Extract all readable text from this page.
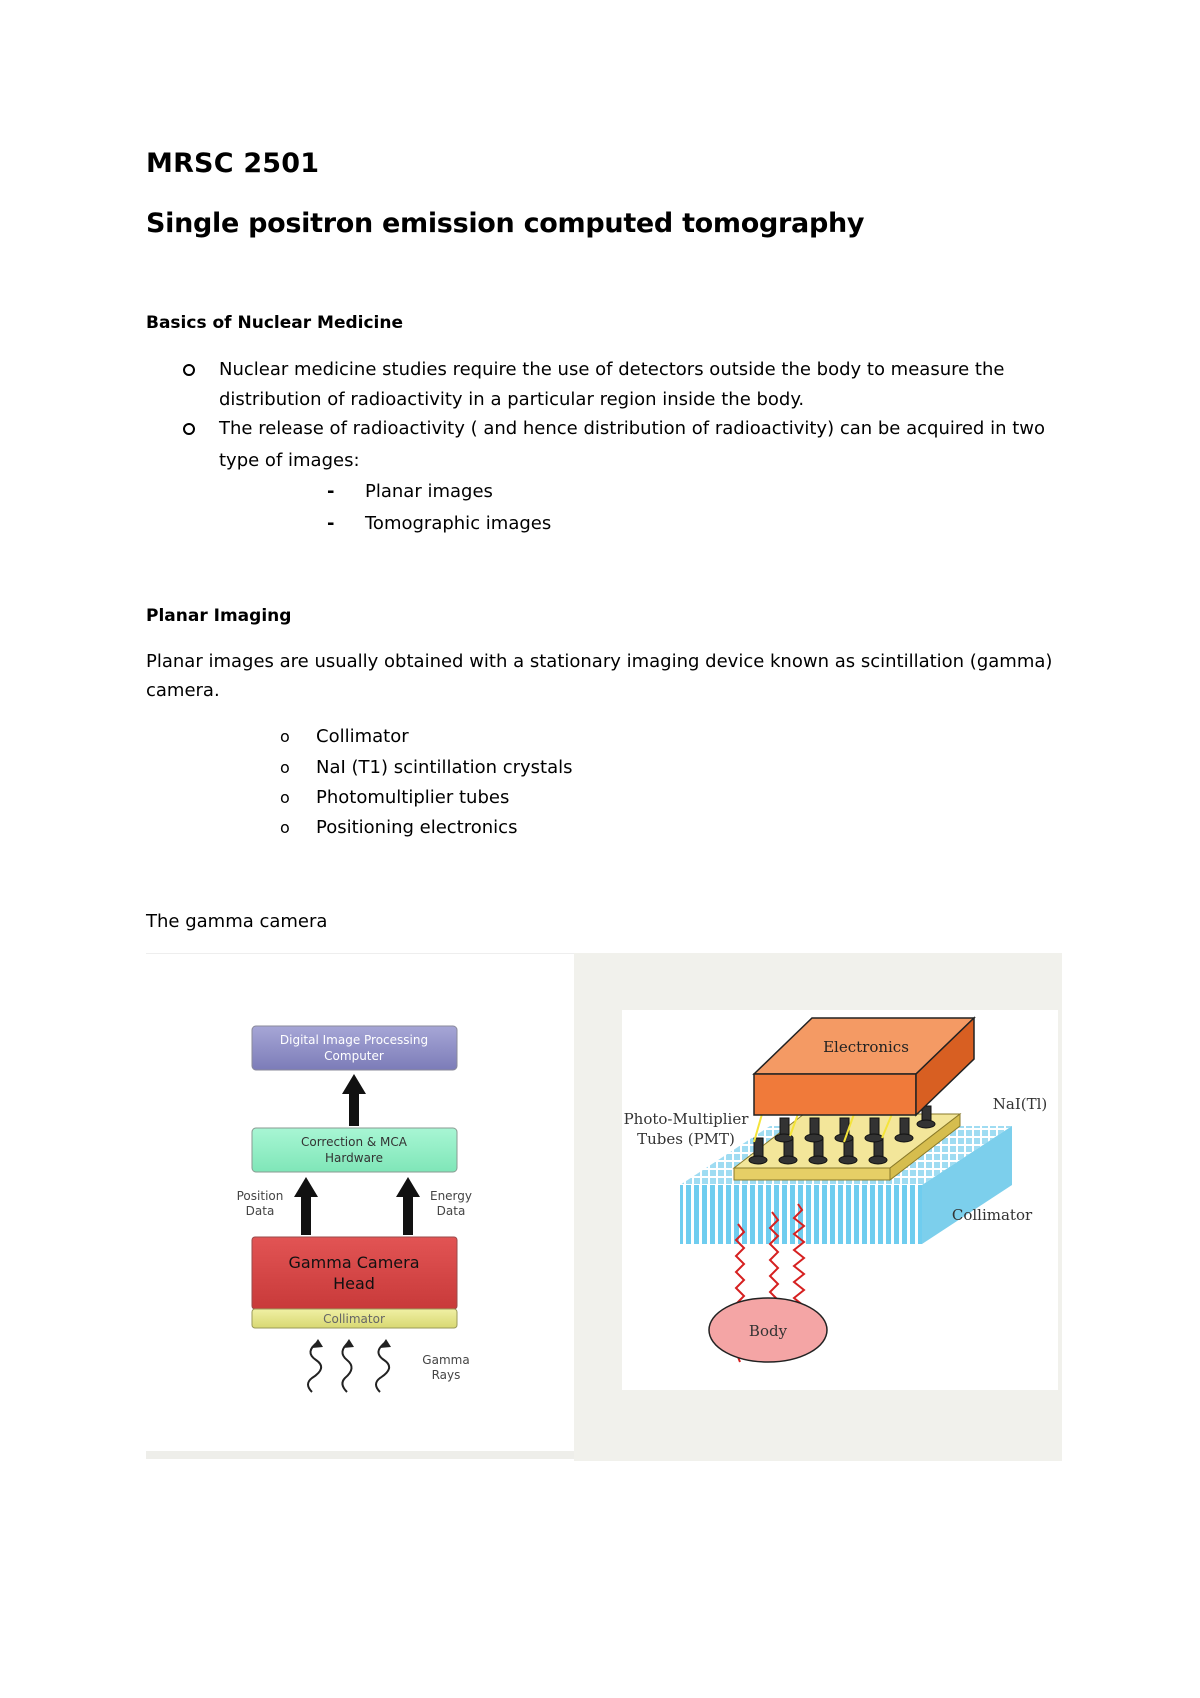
MRSC 2501
Single positron emission computed tomography
Basics of Nuclear Medicine
Nuclear medicine studies require the use of detectors outside the body to measure the
distribution of radioactivity in a particular region inside the body.
The release of radioactivity ( and hence distribution of radioactivity) can be acquired in two
type of images:
- Planar images
- Tomographic images
Planar Imaging
Planar images are usually obtained with a stationary imaging device known as scintillation (gamma)
camera.
o Collimator
o NaI (T1) scintillation crystals
o Photomultiplier tubes
o Positioning electronics
The gamma camera
Digital Image Processing
Computer
Correction & MCA
Hardware
Position
Data
Energy
Data
Gamma Camera
Head
Collimator
Gamma
Rays
Electronics
Body
NaI(Tl)
Photo-Multiplier
Tubes (PMT)
Collimator
